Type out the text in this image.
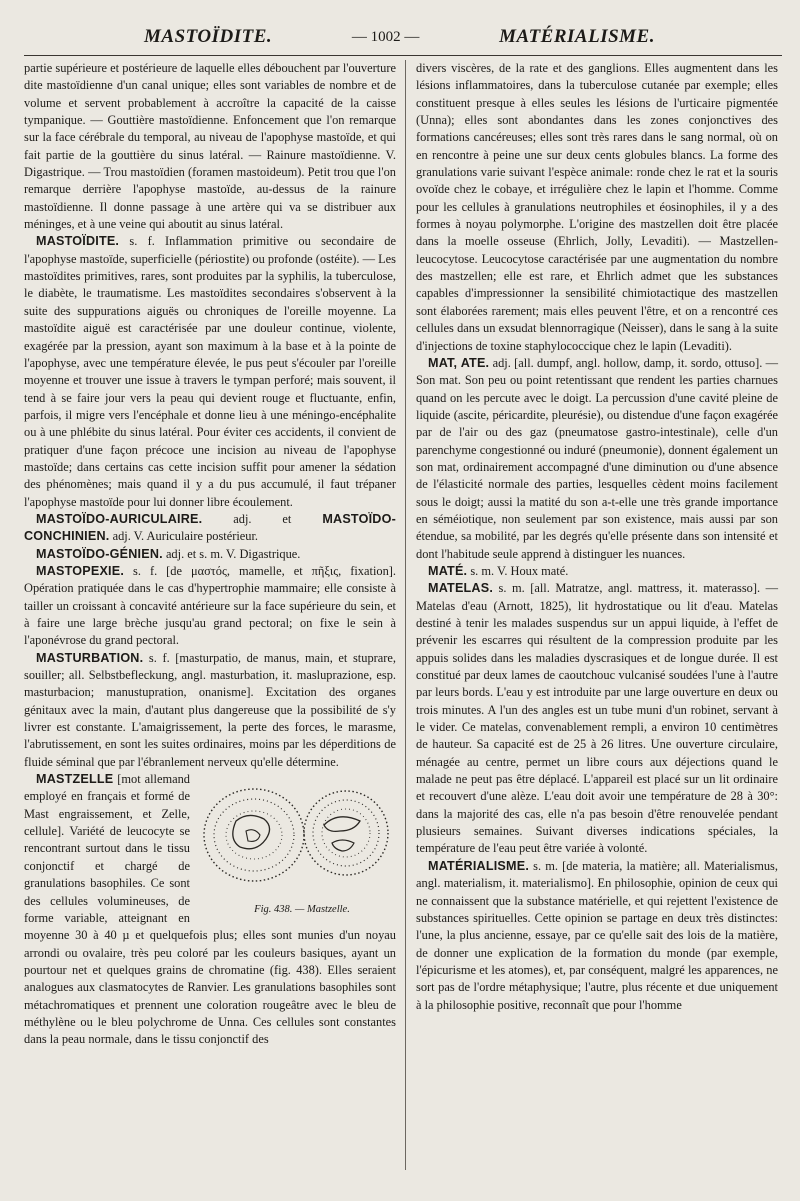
MASTOÏDITE.	— 1002 —	MATÉRIALISME.

partie supérieure et postérieure de laquelle elles débouchent par l'ouverture dite mastoïdienne d'un canal unique; elles sont variables de nombre et de volume et servent probablement à accroître la capacité de la caisse tympanique. — Gouttière mastoïdienne. Enfoncement que l'on remarque sur la face cérébrale du temporal, au niveau de l'apophyse mastoïde, et qui fait partie de la gouttière du sinus latéral. — Rainure mastoïdienne. V. Digastrique. — Trou mastoïdien (foramen mastoideum). Petit trou que l'on remarque derrière l'apophyse mastoïde, au-dessus de la rainure mastoïdienne. Il donne passage à une artère qui va se distribuer aux méninges, et à une veine qui aboutit au sinus latéral.

MASTOÏDITE. s. f. Inflammation primitive ou secondaire de l'apophyse mastoïde, superficielle (périostite) ou profonde (ostéite). — Les mastoïdites primitives, rares, sont produites par la syphilis, la tuberculose, le diabète, le traumatisme. Les mastoïdites secondaires s'observent à la suite des suppurations aiguës ou chroniques de l'oreille moyenne. La mastoïdite aiguë est caractérisée par une douleur continue, violente, exagérée par la pression, ayant son maximum à la base et à la pointe de l'apophyse, avec une température élevée, le pus peut s'écouler par l'oreille moyenne et trouver une issue à travers le tympan perforé; mais souvent, il tend à se faire jour vers la peau qui devient rouge et fluctuante, enfin, parfois, il migre vers l'encéphale et donne lieu à une méningo-encéphalite ou à une phlébite du sinus latéral. Pour éviter ces accidents, il convient de pratiquer d'une façon précoce une incision au niveau de l'apophyse mastoïde; dans certains cas cette incision suffit pour amener la sédation des phénomènes; mais quand il y a du pus accumulé, il faut trépaner l'apophyse mastoïde pour lui donner libre écoulement.

MASTOÏDO-AURICULAIRE. adj. et MASTOÏDO-CONCHINIEN. adj. V. Auriculaire postérieur.

MASTOÏDO-GÉNIEN. adj. et s. m. V. Digastrique.

MASTOPEXIE. s. f. [de μαστός, mamelle, et πῆξις, fixation]. Opération pratiquée dans le cas d'hypertrophie mammaire; elle consiste à tailler un croissant à concavité antérieure sur la face supérieure du sein, et à faire une large brèche jusqu'au grand pectoral; on fixe le sein à l'aponévrose du grand pectoral.

MASTURBATION. s. f. [masturpatio, de manus, main, et stuprare, souiller; all. Selbstbefleckung, angl. masturbation, it. masluprazione, esp. masturbacion; manustupration, onanisme]. Excitation des organes génitaux avec la main, d'autant plus dangereuse que la possibilité de s'y livrer est constante. L'amaigrissement, la perte des forces, le marasme, l'abrutissement, en sont les suites ordinaires, moins par les déperditions de fluide séminal que par l'ébranlement nerveux qu'elle détermine.

Fig. 438. — Mastzelle.
MASTZELLE [mot allemand employé en français et formé de Mast engraissement, et Zelle, cellule]. Variété de leucocyte se rencontrant surtout dans le tissu conjonctif et chargé de granulations basophiles. Ce sont des cellules volumineuses, de forme variable, atteignant en moyenne 30 à 40 µ et quelquefois plus; elles sont munies d'un noyau arrondi ou ovalaire, très peu coloré par les couleurs basiques, ayant un pourtour net et quelques grains de chromatine (fig. 438). Elles seraient analogues aux clasmatocytes de Ranvier. Les granulations basophiles sont métachromatiques et prennent une coloration rougeâtre avec le bleu de méthylène ou le bleu polychrome de Unna. Ces cellules sont constantes dans la peau normale, dans le tissu conjonctif des

divers viscères, de la rate et des ganglions. Elles augmentent dans les lésions inflammatoires, dans la tuberculose cutanée par exemple; elles constituent presque à elles seules les lésions de l'urticaire pigmentée (Unna); elles sont abondantes dans les zones conjonctives des formations cancéreuses; elles sont très rares dans le sang normal, où on en rencontre à peine une sur deux cents globules blancs. La forme des granulations varie suivant l'espèce animale: ronde chez le rat et la souris ovoïde chez le cobaye, et irrégulière chez le lapin et l'homme. Comme pour les cellules à granulations neutrophiles et éosinophiles, il y a des formes à noyau polymorphe. L'origine des mastzellen doit être placée dans la moelle osseuse (Ehrlich, Jolly, Levaditi). — Mastzellen-leucocytose. Leucocytose caractérisée par une augmentation du nombre des mastzellen; elle est rare, et Ehrlich admet que les substances capables d'impressionner la sensibilité chimiotactique des mastzellen sont élaborées rarement; mais elles peuvent l'être, et on a rencontré ces cellules dans un exsudat blennorragique (Neisser), dans le sang à la suite d'injections de toxine staphylococcique chez le lapin (Levaditi).

MAT, ATE. adj. [all. dumpf, angl. hollow, damp, it. sordo, ottuso]. — Son mat. Son peu ou point retentissant que rendent les parties charnues quand on les percute avec le doigt. La percussion d'une cavité pleine de liquide (ascite, péricardite, pleurésie), ou distendue d'une façon exagérée par de l'air ou des gaz (pneumatose gastro-intestinale), celle d'un parenchyme congestionné ou induré (pneumonie), donnent également un son mat, ordinairement accompagné d'une diminution ou d'une absence de l'élasticité normale des parties, lesquelles cèdent moins facilement sous le doigt; aussi la matité du son a-t-elle une très grande importance en séméiotique, non seulement par son existence, mais aussi par son étendue, sa mobilité, par les degrés qu'elle présente dans son intensité et dont l'habitude seule apprend à distinguer les nuances.

MATÉ. s. m. V. Houx maté.

MATELAS. s. m. [all. Matratze, angl. mattress, it. materasso]. — Matelas d'eau (Arnott, 1825), lit hydrostatique ou lit d'eau. Matelas destiné à tenir les malades suspendus sur un appui liquide, à l'effet de prévenir les escarres qui résultent de la compression produite par les appuis solides dans les maladies dyscrasiques et de longue durée. Il est constitué par deux lames de caoutchouc vulcanisé soudées l'une à l'autre par leurs bords. L'eau y est introduite par une large ouverture en deux ou trois minutes. A l'un des angles est un tube muni d'un robinet, servant à le vider. Ce matelas, convenablement rempli, a environ 10 centimètres de hauteur. Sa capacité est de 25 à 26 litres. Une ouverture circulaire, ménagée au centre, permet un libre cours aux déjections quand le malade ne peut pas être déplacé. L'appareil est placé sur un lit ordinaire et recouvert d'une alèze. L'eau doit avoir une température de 28 à 30°: dans la majorité des cas, elle n'a pas besoin d'être renouvelée pendant plusieurs semaines. Suivant diverses indications spéciales, la température de l'eau peut être variée à volonté.

MATÉRIALISME. s. m. [de materia, la matière; all. Materialismus, angl. materialism, it. materialismo]. En philosophie, opinion de ceux qui ne connaissent que la substance matérielle, et qui rejettent l'existence de substances spirituelles. Cette opinion se partage en deux très distinctes: l'une, la plus ancienne, essaye, par ce qu'elle sait des lois de la matière, de donner une explication de la formation du monde (par exemple, l'épicurisme et les atomes), et, par conséquent, malgré les apparences, ne sort pas de l'ordre métaphysique; l'autre, plus récente et due uniquement à la philosophie positive, reconnaît que pour l'homme
